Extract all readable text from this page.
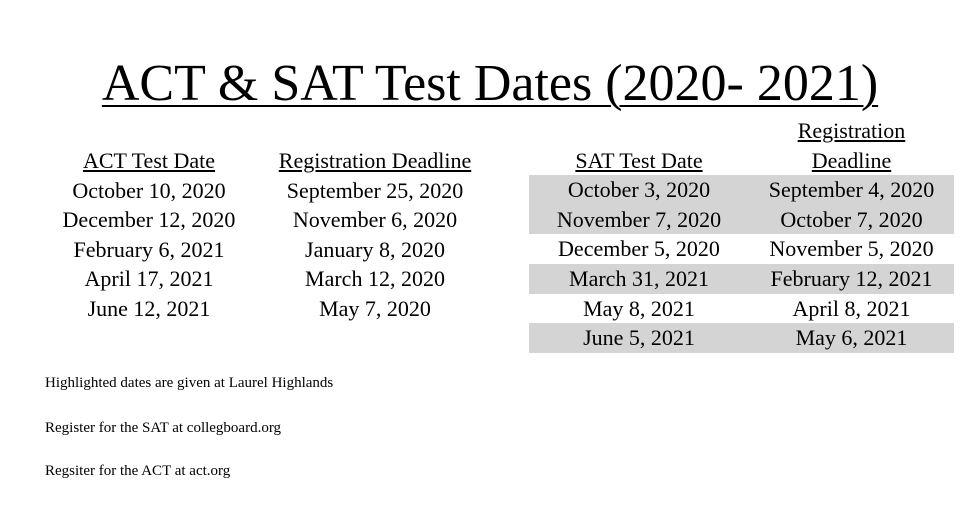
ACT & SAT Test Dates (2020- 2021)
ACT Test Date	Registration Deadline
October 10, 2020	September 25, 2020
December 12, 2020	November 6, 2020
February 6, 2021	January 8, 2020
April 17, 2021	March 12, 2020
June 12, 2021	May 7, 2020
SAT Test Date	Registration
Deadline
October 3, 2020	September 4, 2020
November 7, 2020	October 7, 2020
December 5, 2020	November 5, 2020
March 31, 2021	February 12, 2021
May 8, 2021	April 8, 2021
June 5, 2021	May 6, 2021
Highlighted dates are given at Laurel Highlands
Register for the SAT at collegboard.org
Regsiter for the ACT at act.org
